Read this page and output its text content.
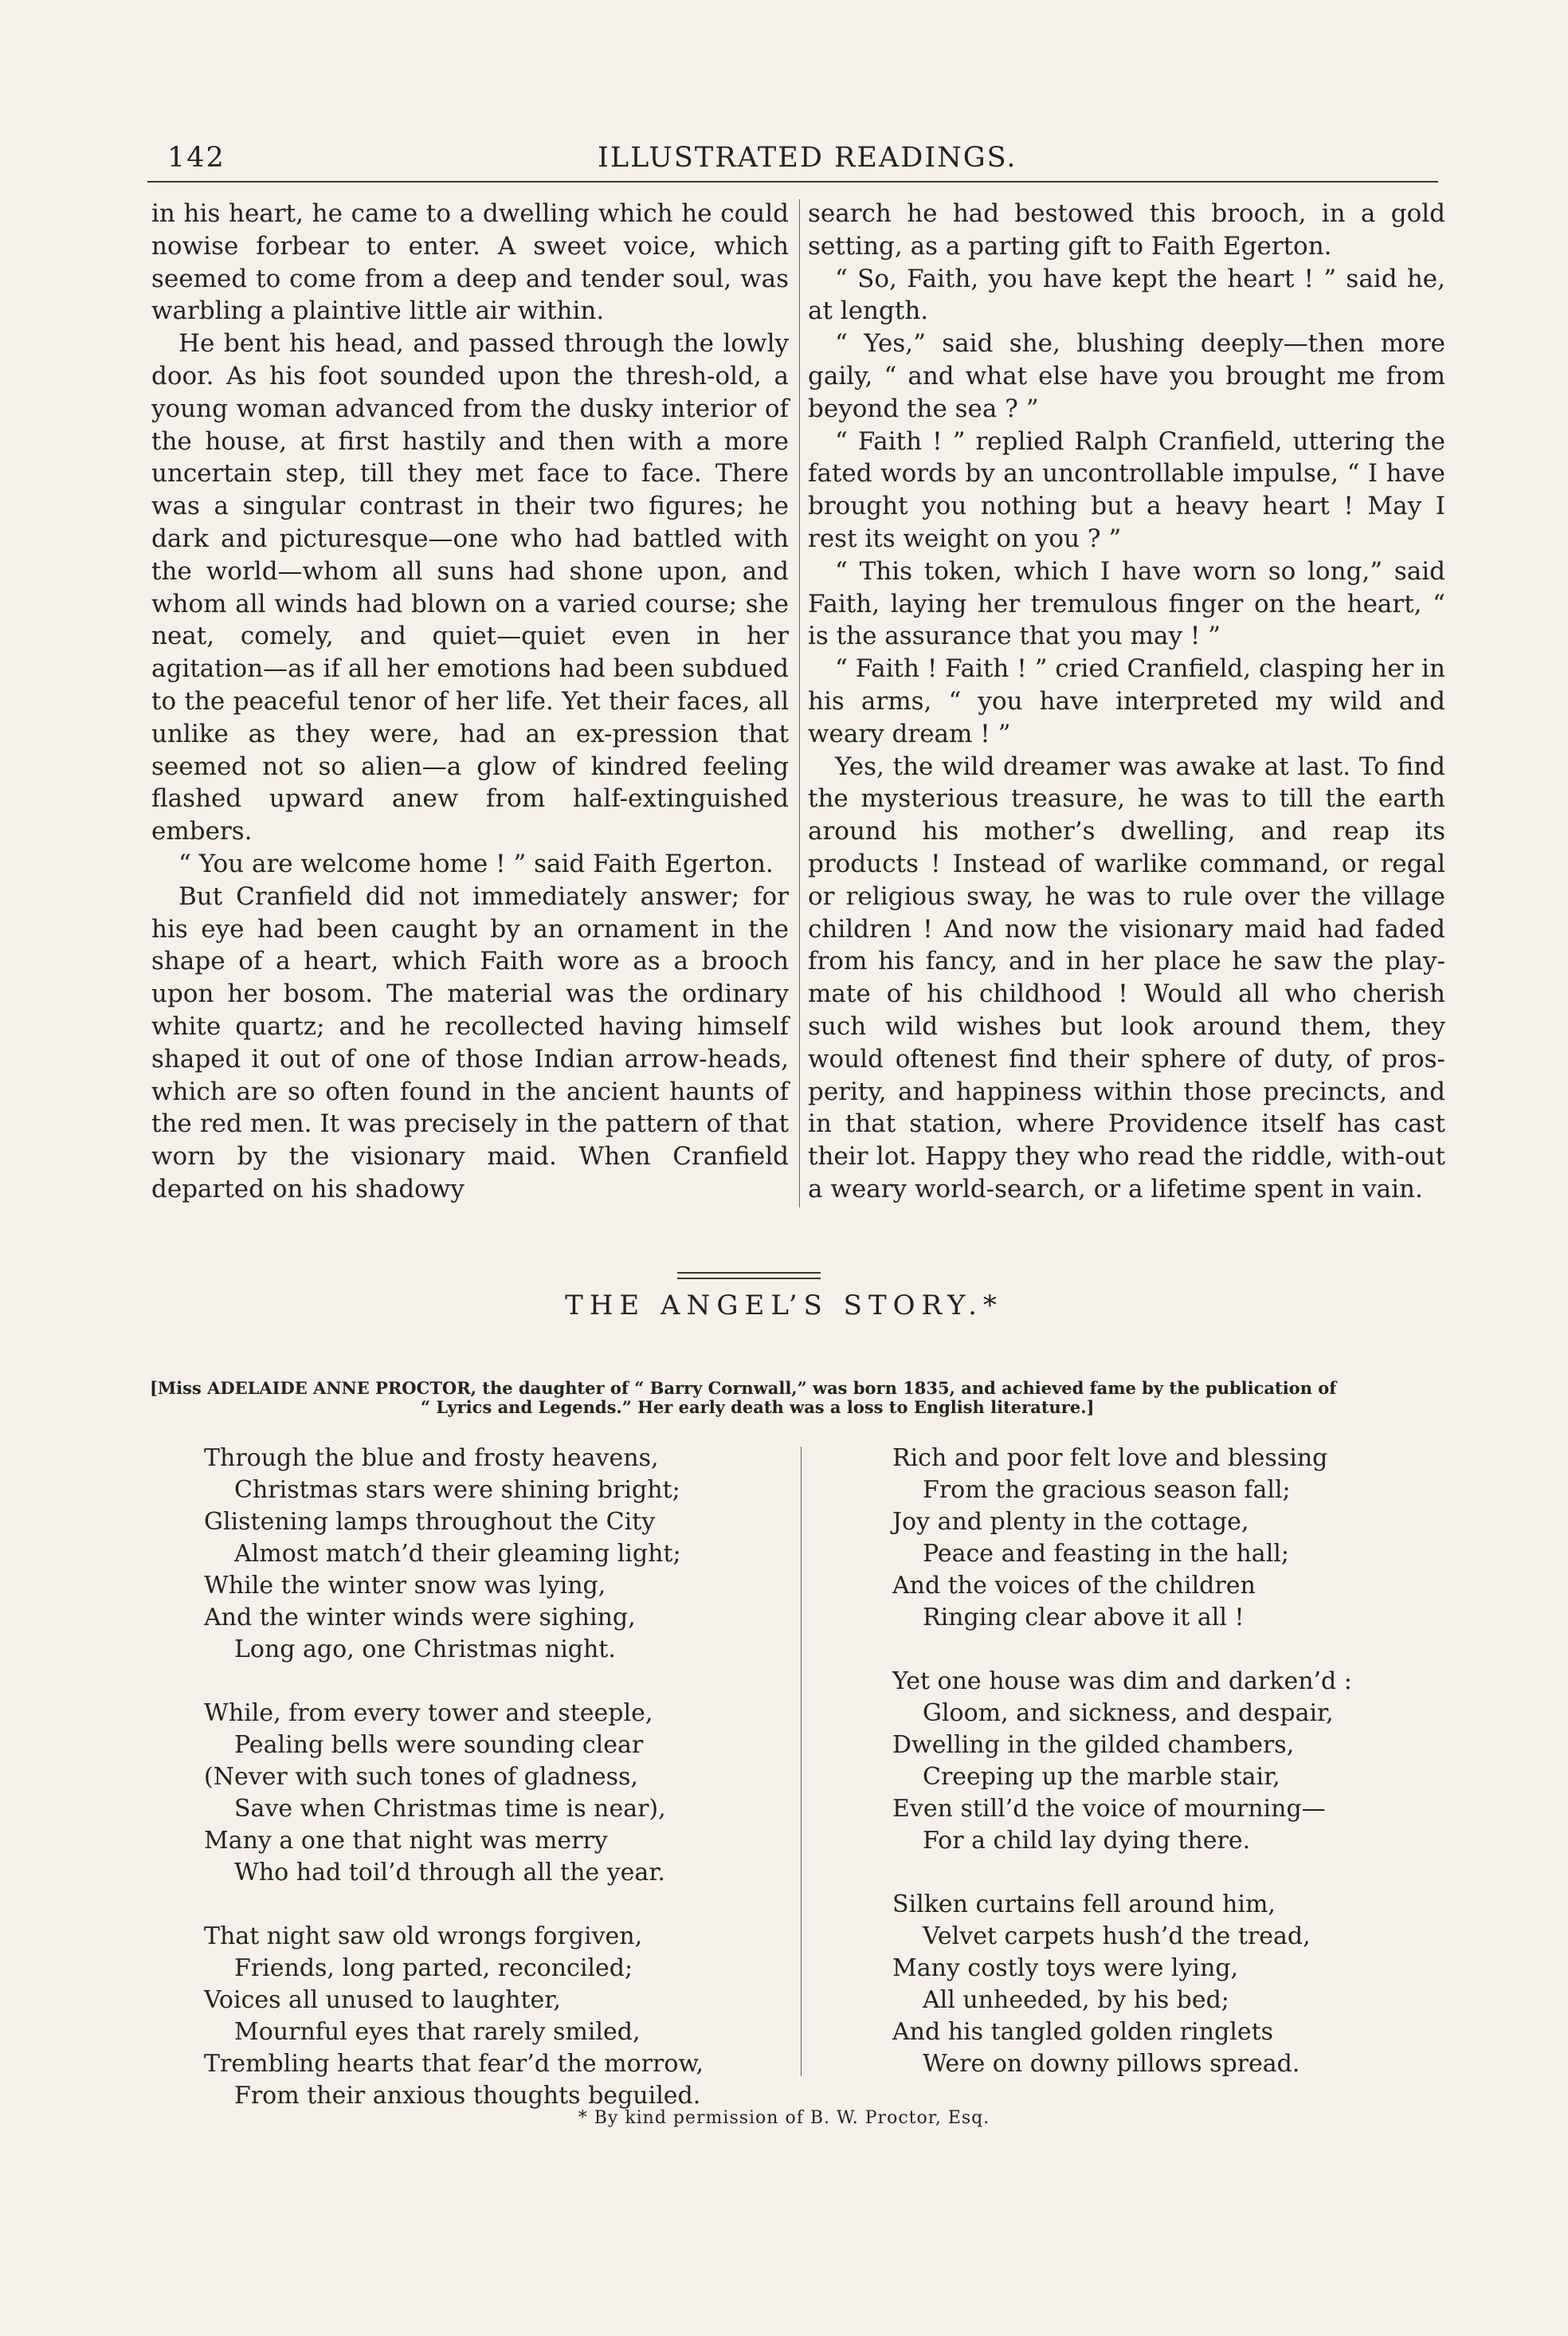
142	ILLUSTRATED READINGS.

in his heart, he came to a dwelling which he could nowise forbear to enter. A sweet voice, which seemed to come from a deep and tender soul, was warbling a plaintive little air within.

He bent his head, and passed through the lowly door. As his foot sounded upon the thresh-old, a young woman advanced from the dusky interior of the house, at first hastily and then with a more uncertain step, till they met face to face. There was a singular contrast in their two figures; he dark and picturesque—one who had battled with the world—whom all suns had shone upon, and whom all winds had blown on a varied course; she neat, comely, and quiet—quiet even in her agitation—as if all her emotions had been subdued to the peaceful tenor of her life. Yet their faces, all unlike as they were, had an ex-pression that seemed not so alien—a glow of kindred feeling flashed upward anew from half-extinguished embers.

“ You are welcome home ! ” said Faith Egerton.

But Cranfield did not immediately answer; for his eye had been caught by an ornament in the shape of a heart, which Faith wore as a brooch upon her bosom. The material was the ordinary white quartz; and he recollected having himself shaped it out of one of those Indian arrow-heads, which are so often found in the ancient haunts of the red men. It was precisely in the pattern of that worn by the visionary maid. When Cranfield departed on his shadowy

search he had bestowed this brooch, in a gold setting, as a parting gift to Faith Egerton.

“ So, Faith, you have kept the heart ! ” said he, at length.

“ Yes,” said she, blushing deeply—then more gaily, “ and what else have you brought me from beyond the sea ? ”

“ Faith ! ” replied Ralph Cranfield, uttering the fated words by an uncontrollable impulse, “ I have brought you nothing but a heavy heart ! May I rest its weight on you ? ”

“ This token, which I have worn so long,” said Faith, laying her tremulous finger on the heart, “ is the assurance that you may ! ”

“ Faith ! Faith ! ” cried Cranfield, clasping her in his arms, “ you have interpreted my wild and weary dream ! ”

Yes, the wild dreamer was awake at last. To find the mysterious treasure, he was to till the earth around his mother’s dwelling, and reap its products ! Instead of warlike command, or regal or religious sway, he was to rule over the village children ! And now the visionary maid had faded from his fancy, and in her place he saw the play-mate of his childhood ! Would all who cherish such wild wishes but look around them, they would oftenest find their sphere of duty, of pros-perity, and happiness within those precincts, and in that station, where Providence itself has cast their lot. Happy they who read the riddle, with-out a weary world-search, or a lifetime spent in vain.

THE ANGEL’S STORY.*
[Miss ADELAIDE ANNE PROCTOR, the daughter of “ Barry Cornwall,” was born 1835, and achieved fame by the publication of
“ Lyrics and Legends.” Her early death was a loss to English literature.]
Through the blue and frosty heavens,
Christmas stars were shining bright;
Glistening lamps throughout the City
Almost match’d their gleaming light;
While the winter snow was lying,
And the winter winds were sighing,
Long ago, one Christmas night.
While, from every tower and steeple,
Pealing bells were sounding clear
(Never with such tones of gladness,
Save when Christmas time is near),
Many a one that night was merry
Who had toil’d through all the year.
That night saw old wrongs forgiven,
Friends, long parted, reconciled;
Voices all unused to laughter,
Mournful eyes that rarely smiled,
Trembling hearts that fear’d the morrow,
From their anxious thoughts beguiled.
Rich and poor felt love and blessing
From the gracious season fall;
Joy and plenty in the cottage,
Peace and feasting in the hall;
And the voices of the children
Ringing clear above it all !
Yet one house was dim and darken’d :
Gloom, and sickness, and despair,
Dwelling in the gilded chambers,
Creeping up the marble stair,
Even still’d the voice of mourning—
For a child lay dying there.
Silken curtains fell around him,
Velvet carpets hush’d the tread,
Many costly toys were lying,
All unheeded, by his bed;
And his tangled golden ringlets
Were on downy pillows spread.
* By kind permission of B. W. Proctor, Esq.
